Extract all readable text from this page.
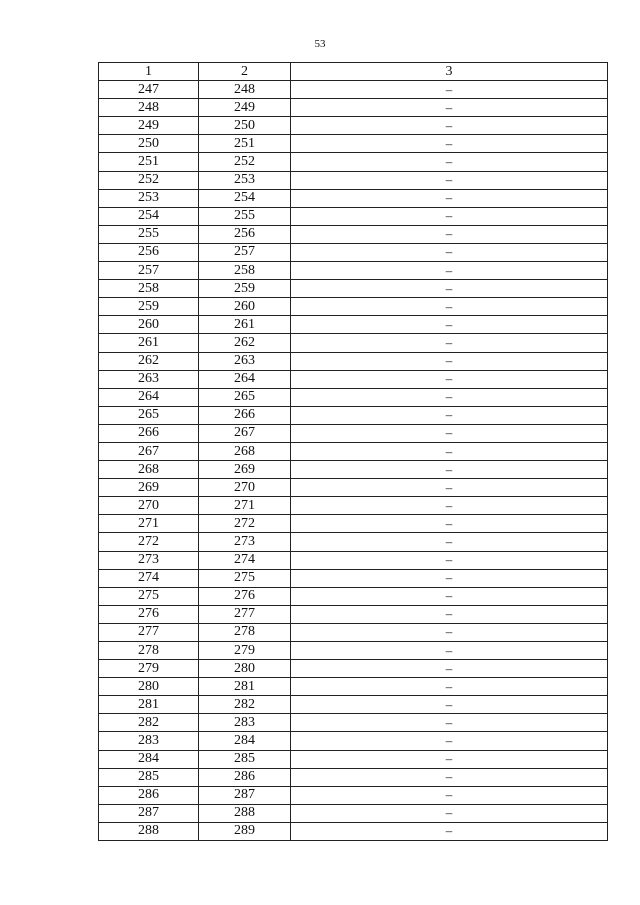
53
1	2	3
247	248	–
248	249	–
249	250	–
250	251	–
251	252	–
252	253	–
253	254	–
254	255	–
255	256	–
256	257	–
257	258	–
258	259	–
259	260	–
260	261	–
261	262	–
262	263	–
263	264	–
264	265	–
265	266	–
266	267	–
267	268	–
268	269	–
269	270	–
270	271	–
271	272	–
272	273	–
273	274	–
274	275	–
275	276	–
276	277	–
277	278	–
278	279	–
279	280	–
280	281	–
281	282	–
282	283	–
283	284	–
284	285	–
285	286	–
286	287	–
287	288	–
288	289	–
